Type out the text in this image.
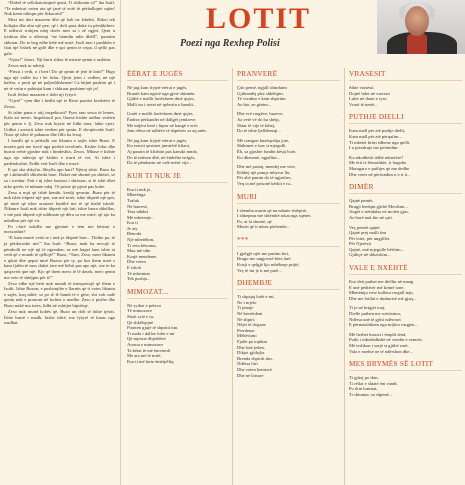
“Dubel të sellokatorinjmë qenit, Ti shikonin si!” tha Isufi. “Te mbeturi veten uta që janë të zotë të përballojnë sajën! Nuk kemi nthiqm për fitkacatit!”

Mori nit dori mazaren dhe që hali ne fshehit. Shkoi tek koliqka dhe ahu një pee, që i doli para duke iu përshkthrer. E ndërroi rrokjen ndaj dorës mes sa i zë ngjiti. Qeni u trishtua dhe u ulërinqi “ne hiandin ndie dhëll”, pastaim shkruar. Do te beg edhe këtë më mirë. Isufi moi i pushkën e fiaii një fishek në golë dhe e qoi qenin te rripa, il qëllo pas gale.

“Upsa!” tharri. Nji burri shkoi të merrte qenin e rashëm.

Zesos nuk iu ndoeji.

“Prissi i vedi, o i beri! Do që qenin të jetë të lotit!” Higo nga një vallër ku i be fufur. Qesit jetes i vedlen, në një kalëra, e pesit që në paljeshlishmen! Ca bëjnë pushim që i në të vetin e pahinjat kam i shkruar pushime një ja!

Isufi lëshoi mazaren e dobi nji fytyrë.

“Ujeu!” vjen dhe i hedhi një te Bexe ponitsi kreshëve të Zesos.

Si ishte puna e atij inspektorit? Pyes tani sexta të lemes. Kalo ari mesit. Inspektoril pra, lhaese kishte ardhur veshen për qenin e Jj. Zeso nuk brytte në lidhi tona, lahte vjeri. Urdhri i arrestit ishte veshen për qenin. E shoqëroshe Isufi. Nuor që ishte të pakunar dhe fillo ka lesuj.

I bazdli që u përballi me likanin e sajës ishte Buzo. E morën gati me forcë nga poshtë tavolinës. Kishte folur dhe burrat rrënë gjashte nuk i bindeshin, Zesos. Mbase e kishte nga ajo nderaja që kishin e trurit të vet. Ai ishte i padendoshte, Erdhi veti Isufi dhe e morë.

E qsi ska shkyfta. Shtylla apo hart? Njëraj ishte. Buzo ka që i akhrmilli shkrëmbi bare. Duket më shumë pa shtësit, se sa i treshur. Fati i tij ishte basinsi i shtësaar, si të ishit dhet nike qerëe, të mbante ndaj. Të priste që pjesë pas koke.

Zeso u nqit që ishtë kembi, kerdji qesmin. Buzo për të nuk ishte ithpetë një qen, sne më mirë, ishte ithpetë një qen, që mirë që ishte arrataze bashkë me të që kishë ishalë. Nikanre Isufi nuk ishte ithpetë një fati, ishte barra shkëllas, e më pati ithpetë një ndihnate që dëra sa me mirë, që ajo ka ndodhur për një vit.

Po cfarë ndodhi me gjeninë e tëm me bësimi e moszashin?

“E kam marrë vesh se i nuk je ithpetë barr... Thithe po, të ja përdoroshe nis!” tha Isufi. “Buzo, mak ka nevojë të pëmbolli ne një nji të ngrenhur, sa më larget lane ishte ai vedi që e mundi të qëllojë!” Buzo, “Tani, Zeso, merr likanin e qikut dhe qeput mirë Buzon për ty, po kur them mirë s kam fjalën të mos duket fare më bëhit pas apo një, ose te ka qasjaveit que një. Kjo që them mero të lë dasek, merr qenin me vete të shtëjpin për ti!”

Zeso edhe një herë nuk mundi të interpretojë që them e Isufit. Ishte Buzon, e pushonjthe e llarnës që ti votes likanin e sajës, kaq nditë, se po të lë humb të e gëse, sbi vah cadë qenin nuk e prancan në kofine e madhe. Zeso e pisthe dhe Buzo nukë mu intes, lidhi në eshitjet hipsëtqe.

Zeso nuk mund kohës që. Buzo un doli të fakte tjetrit. Ishte burrë i madh, kishe ishtë, me fytyrë të kruar nga rrudhat.

LOTIT
Poezi nga Rexhep Polisi
ËËRAT E JUGËS
Në jug kam fryjnë erërat e jugës,
Bruatit kam ngrirë nga gjete shtimën.
Gjithë e mallit lartëshoen dmë qojes,
Malli im i tretet në qelestin e hamlit...
Gurët e mallit lartëshoen dmë qojes,
Ëndrra përkundet në dallgët jemlarve.
Me mijëra herë i hipur në kangë e erës
Jam rëhur në udhëve të shpetsës sa aq anës.
Në jug kam fryjnë erërat e jugës,
Ku erarrit qesimet jumirëtë tiftaoi,
Aj pasnin të kfishtin pas kanukt mndo,
Do të ndesen dhë, në ëmbëlia tsifgës,
Do të pëmbarin në valë mësë vije...
KUR TI NUK JE
Kur ti nuk je,
Mbetënga
Trafak
Në harresë,
Tesa ndahit
Më mbetenje...
Kur ti
Je aty
Bënoda
Një mbetëhim,
Ti veta bënoma,
Mua më tdin
Kurjë mendenet
Dhe veten
E ishoh
Të mbrimtar
Tek pushja...
MIMOZAT...
Në sythat e pelava
Të mimozave
Shoh sytë e tu,
Që shkëlqejnë
Ftonten gjujë të shpirtit tim.
Ti maki i dalloe lolet e mi
Që mjestat dhjetëëtet
Aroma e mimozave
Ta bëtat të më ëmvnesh
Me ata më të mirë,
Kur ti më larte ëmëtjelliq.
PRANVERË
Çdo pemë, ngjall shtuduim
Gjithandej plot shkëlqim.
Të vizuhur e kam shpirtim
Ae bie, ae gëzim...
Dhe ecë rrugëve, buzeve,
Aa vetë vë do ha shëqi,
Shtar të vije të kthej,
Do të ishte ljelldenzqi...
Më rrangon buzëqeshja jote,
Shikimet e ïsas si mjegulli
Ëh, sa gjashte fundin kësaj bote,
Ku dhenenë, ngjallini...
Dhe më pastaj, mendej me vete,
Kthhej një pamje mbyrur llu,
Për ahë pamin do të ngjashes,
Veq ta më prisonë kërkit e tu...
MURI
I shembu murin që na ndante shtëpitë,
I shkepmu me shtëmbë tokat nga sqënet.
Po, ai la shumë, që
Murin që ti mbas përhenda...
***
I gjelgjë njër me purtim biri,
Brugu me ungjovuë bëra larë.
Kozji e qelgjë kjo mbëkeqe prijtë,
Veç të mi je ti më parë...
DHEMBJE
Ti shpajaj lotët e mi,
Ne i mjelo
Ti pinaje
Në bresëtdeni
Në shpirt.
Nëjet të dogane
Prerdenat
Mëhëtsimi
Fjalët pa topikm
Dhe lotë jeden,
Dikjet gjithçka
Brenda shpirtit tim,
Ndëssa hiri
Dhe veten kemiorë
Dhe ne lotsare
VRASESIT
Sikte vrasësit
Dojnë lulet në varreza
Lulet në duart e tyre,
Vrasë të nesët...
PUTHJE DIELLI
Kam mall për atë puthje dielli,
Kam mall për atë përqafim...
Ti mbetet lirim ëdhene nga qielli,
I u pierakuje me perëndim.
Ku ndodhesh tidhë mbretëre?
Me ëtit të lëmashkër, ti largohe.
Muragaro e puthjes që me dedhe
Dhe vetes në përfundim n e ti ii...
DIMËR
Qajnë pemët,
Brugjt leedqin gjithë Mesdimi...
Angët e trëndalas në molen gjas,
Ae borë nuk bie në çati.
Veç pemët qajnë,
Qajnë prej malli tim
Për lotet, për ungjillet,
Për Njerëzit
Qajnë, unë mjegulle bëshim...
Gjithçë në shkrishim...
VALE E NXEHTË
Kur deti puthet me diellin në mang
E unë pëdtivër më krimë tone,
Mbetëmja vese kulleur rregull tejn,
Dhe me lotilat e dashurisë më gjaq...
Ti je në brigjet tuaj,
Dielle puthen me wetitsimo,
Ndërsa unë të gjitti ndëroset
E përmasthikem nga mijëra vargjen...
Më lierbet bronzi i ëmplit tënd,
Puthi i mbedadhshë në vendin e zemrës.
Më teshkon i sarjë si gjithë zarë,
Vala e nxehte ne të ndërshon dhe...
MES BRYMËS SË LOTIT
Ti gjitaj po ikin,
Ti rëilat e shtatë ëm vandi.
Po ikin burrnat,
Ti shtuniar, sa shpenë...
